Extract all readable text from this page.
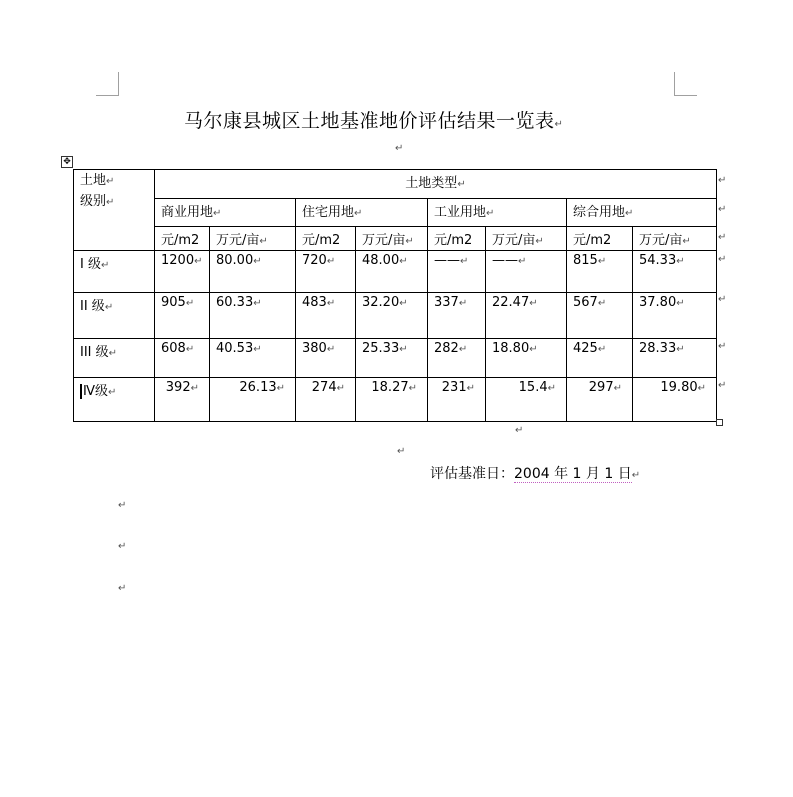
马尔康县城区土地基准地价评估结果一览表↵
↵
✥
土地↵
级别↵	土地类型↵							
	商业用地↵		住宅用地↵		工业用地↵		综合用地↵	
	元/m2	万元/亩↵	元/m2	万元/亩↵	元/m2	万元/亩↵	元/m2	万元/亩↵
I 级↵	1200↵	80.00↵	720↵	48.00↵	——↵	——↵	815↵	54.33↵
II 级↵	905↵	60.33↵	483↵	32.20↵	337↵	22.47↵	567↵	37.80↵
III 级↵	608↵	40.53↵	380↵	25.33↵	282↵	18.80↵	425↵	28.33↵
Ⅳ级↵	392↵	26.13↵	274↵	18.27↵	231↵	15.4↵	297↵	19.80↵
↵
↵
↵
↵
↵
↵
↵
↵
↵
评估基准日：2004 年 1 月 1 日↵
↵
↵
↵
